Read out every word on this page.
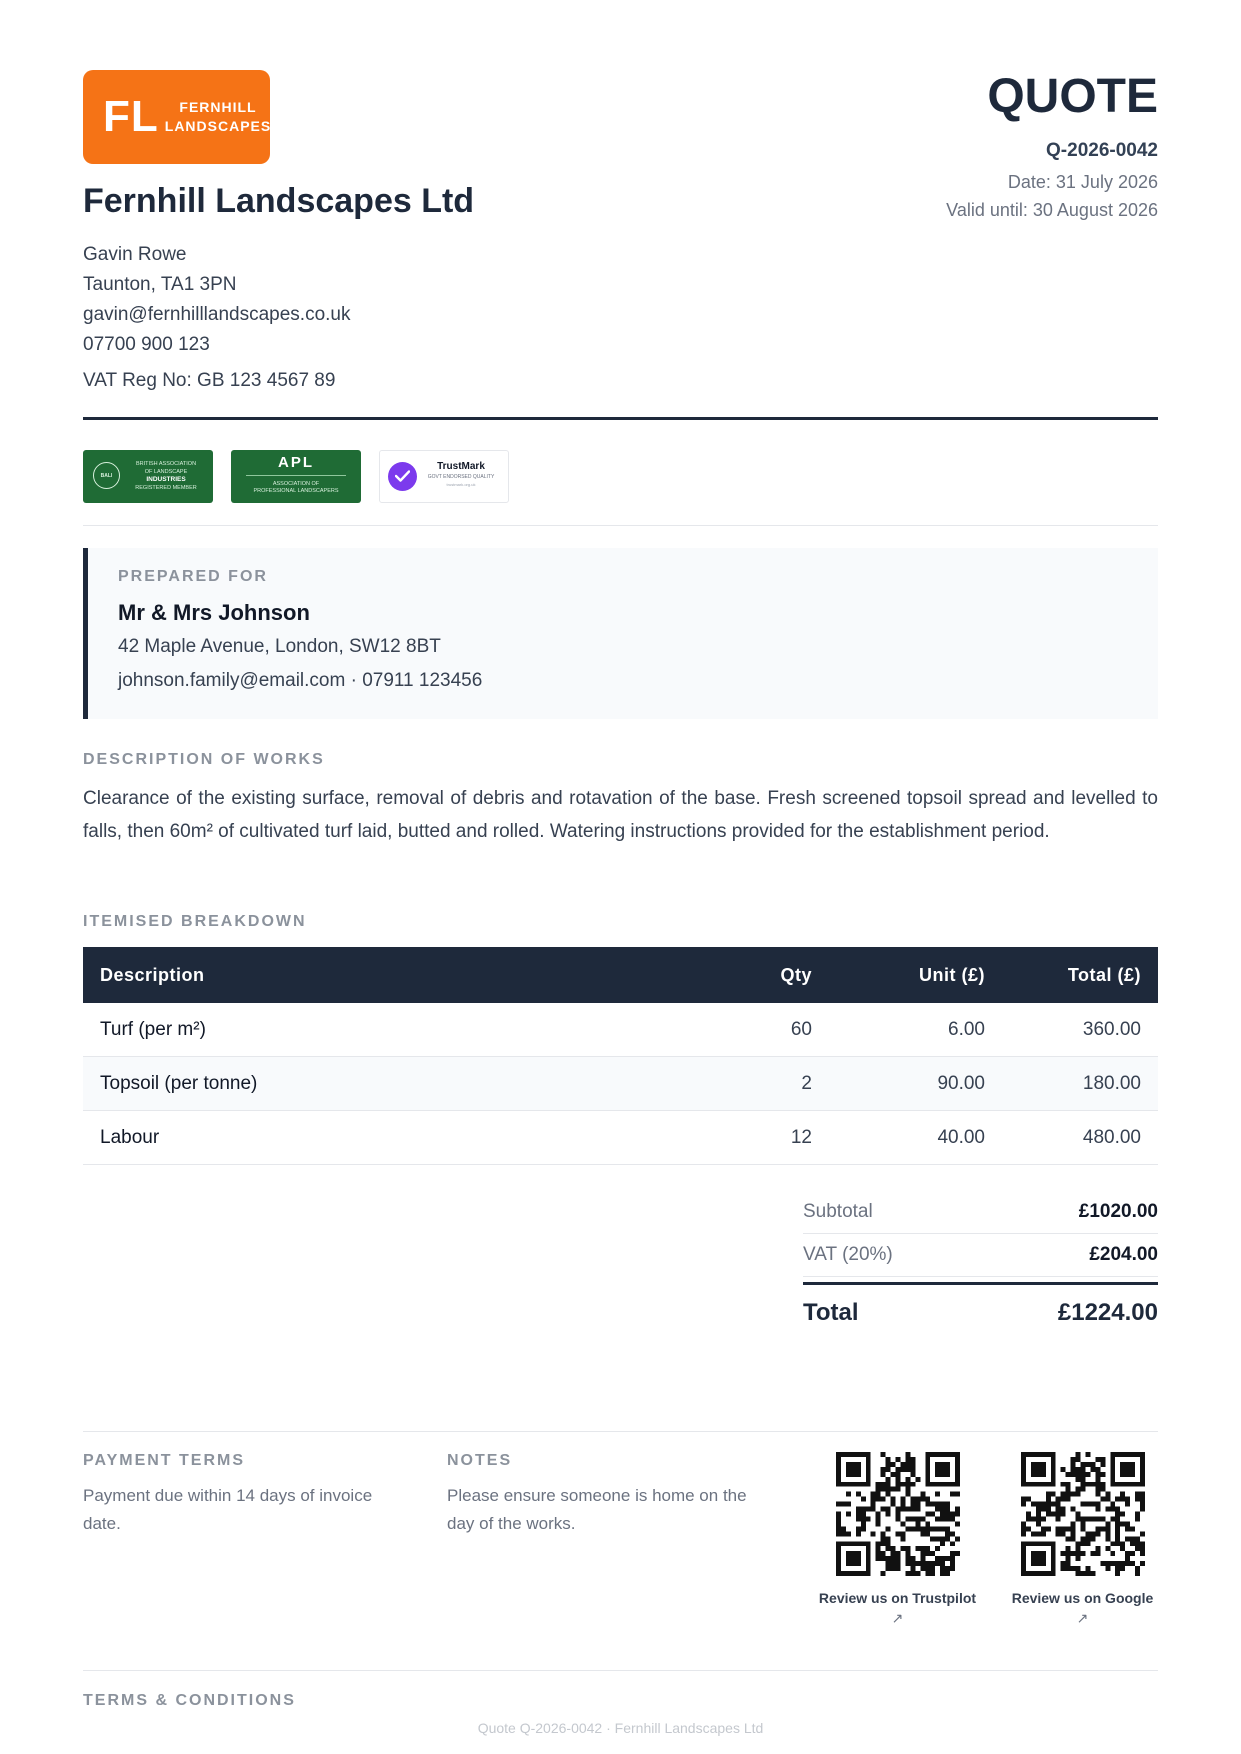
FL	FERNHILL
LANDSCAPES
Fernhill Landscapes Ltd
Gavin Rowe
Taunton, TA1 3PN
gavin@fernhilllandscapes.co.uk
07700 900 123
VAT Reg No: GB 123 4567 89
QUOTE
Q-2026-0042
Date: 31 July 2026
Valid until: 30 August 2026
BALI
BRITISH ASSOCIATION
OF LANDSCAPE
INDUSTRIES
REGISTERED MEMBER
APL
ASSOCIATION OF
PROFESSIONAL LANDSCAPERS
TrustMark
GOVT ENDORSED QUALITY
trustmark.org.uk
PREPARED FOR
Mr & Mrs Johnson
42 Maple Avenue, London, SW12 8BT
johnson.family@email.com · 07911 123456
DESCRIPTION OF WORKS
Clearance of the existing surface, removal of debris and rotavation of the base. Fresh screened topsoil spread and levelled to falls, then 60m² of cultivated turf laid, butted and rolled. Watering instructions provided for the establishment period.
ITEMISED BREAKDOWN
Description	Qty	Unit (£)	Total (£)
Turf (per m²)	60	6.00	360.00
Topsoil (per tonne)	2	90.00	180.00
Labour	12	40.00	480.00
Subtotal	£1020.00
VAT (20%)	£204.00
Total	£1224.00
PAYMENT TERMS
Payment due within 14 days of invoice date.
NOTES
Please ensure someone is home on the day of the works.
Review us on Trustpilot
↗
Review us on Google
↗
TERMS & CONDITIONS
Quote Q-2026-0042 · Fernhill Landscapes Ltd
